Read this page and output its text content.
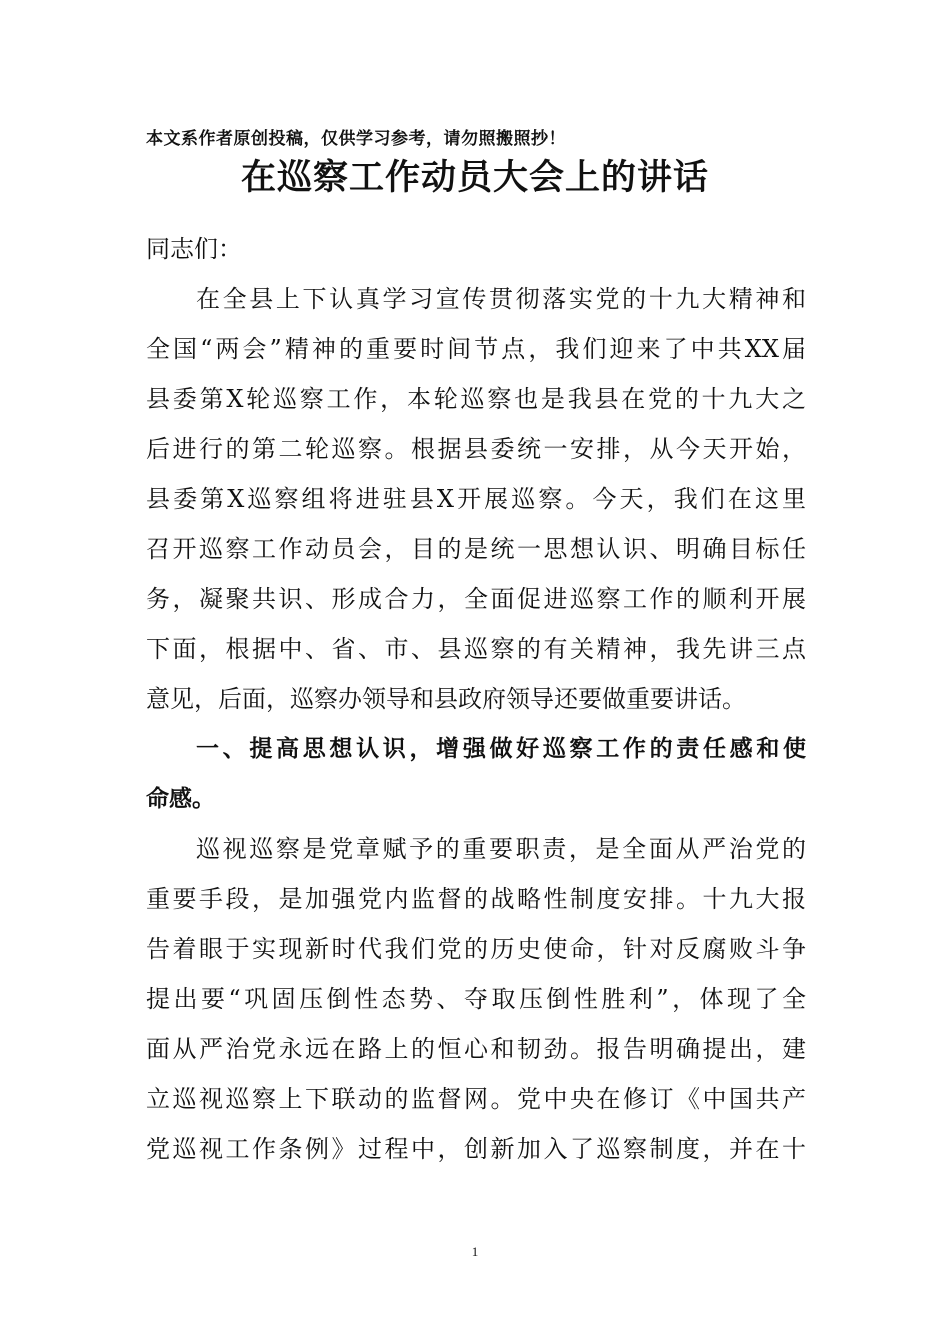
本文系作者原创投稿，仅供学习参考，请勿照搬照抄！
在巡察工作动员大会上的讲话
同志们：
在全县上下认真学习宣传贯彻落实党的十九大精神和
全国“两会”精神的重要时间节点，我们迎来了中共XX届
县委第X轮巡察工作，本轮巡察也是我县在党的十九大之
后进行的第二轮巡察。根据县委统一安排，从今天开始，
县委第X巡察组将进驻县X开展巡察。今天，我们在这里
召开巡察工作动员会，目的是统一思想认识、明确目标任
务，凝聚共识、形成合力，全面促进巡察工作的顺利开展
下面，根据中、省、市、县巡察的有关精神，我先讲三点
意见，后面，巡察办领导和县政府领导还要做重要讲话。
一、提高思想认识，增强做好巡察工作的责任感和使
命感。
巡视巡察是党章赋予的重要职责，是全面从严治党的
重要手段，是加强党内监督的战略性制度安排。十九大报
告着眼于实现新时代我们党的历史使命，针对反腐败斗争
提出要“巩固压倒性态势、夺取压倒性胜利”，体现了全
面从严治党永远在路上的恒心和韧劲。报告明确提出，建
立巡视巡察上下联动的监督网。党中央在修订《中国共产
党巡视工作条例》过程中，创新加入了巡察制度，并在十
1
